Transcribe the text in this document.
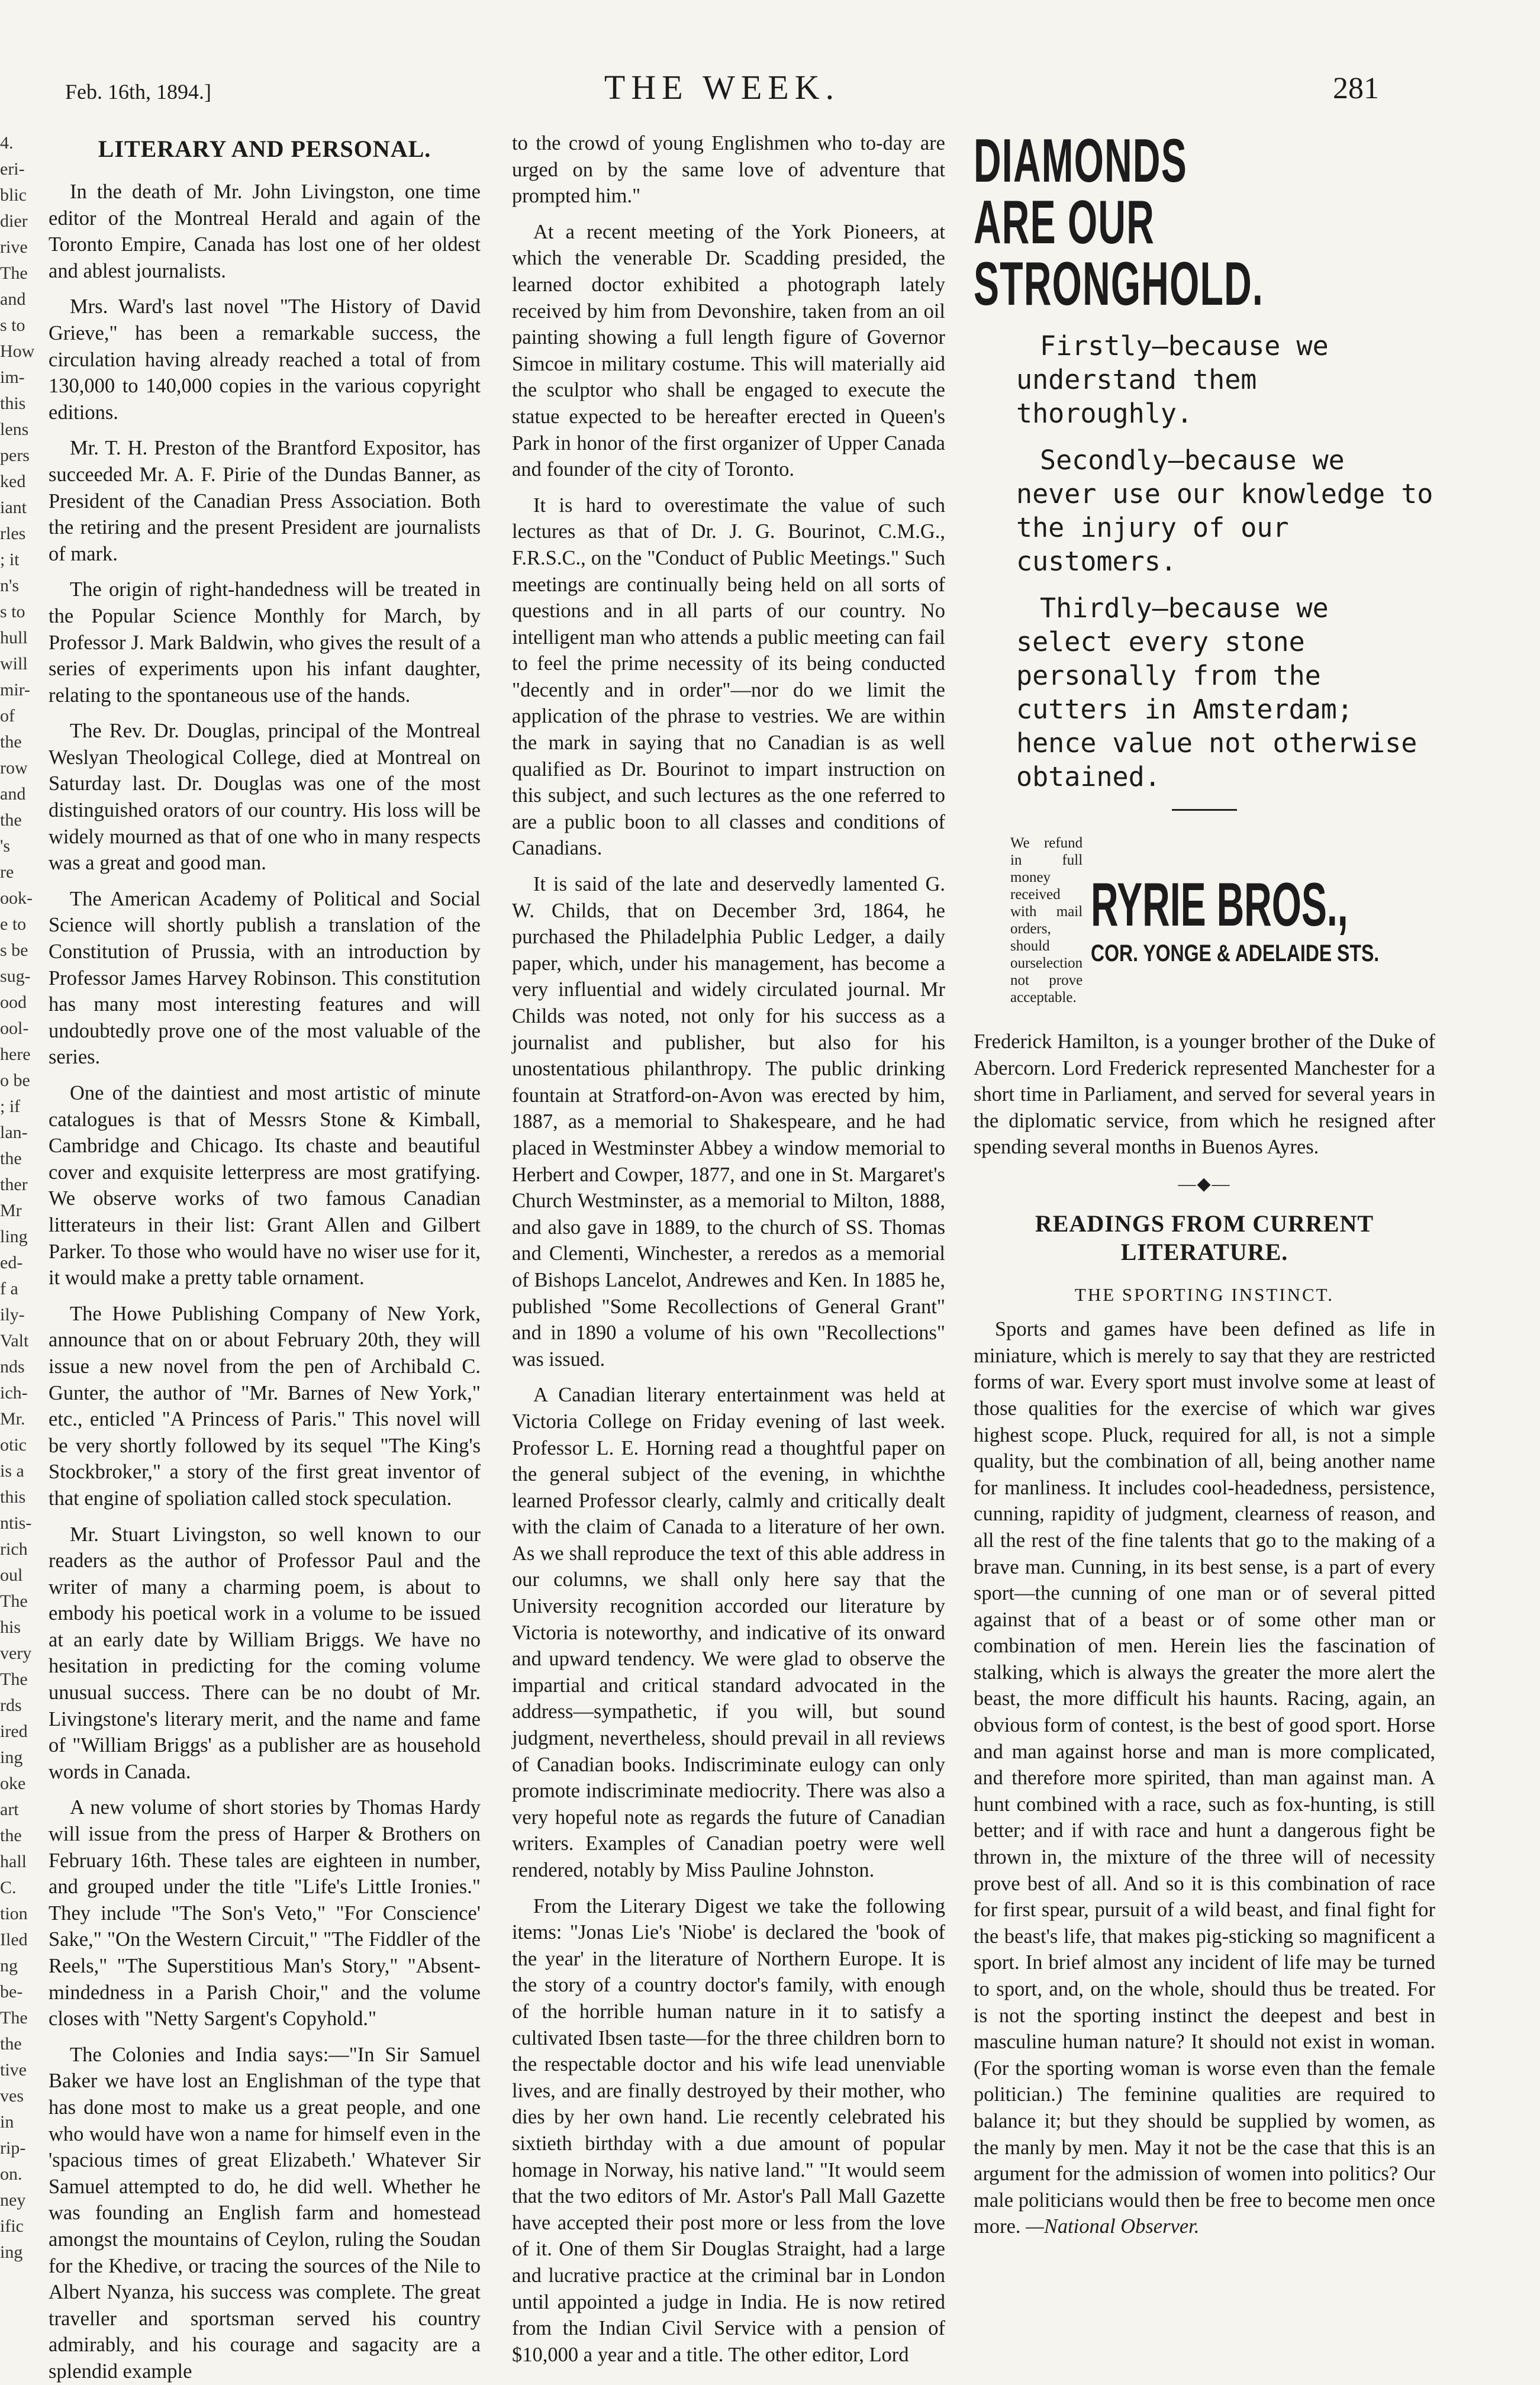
4.
eri-
blic
dier
rive
The
and
s to
How
im-
this
lens
pers
ked
iant
rles
; it
n's
s to
hull
will
mir-
of
the
row
and
the
's
re
ook-
e to
s be
sug-
ood
ool-
here
o be
; if
lan-
the
ther
Mr
ling
ed-
f a
ily-
Valt
nds
ich-
Mr.
otic
is a
this
ntis-
rich
oul
The
his
very
The
rds
ired
ing
oke
art
the
hall
C.
tion
Iled
ng
be-
The
the
tive
ves
in
rip-
on.
ney
ific
ing
Feb. 16th, 1894.]	THE WEEK.	281
LITERARY AND PERSONAL.

In the death of Mr. John Livingston, one time editor of the Montreal Herald and again of the Toronto Empire, Canada has lost one of her oldest and ablest journalists.

Mrs. Ward's last novel "The History of David Grieve," has been a remarkable success, the circulation having already reached a total of from 130,000 to 140,000 copies in the various copyright editions.

Mr. T. H. Preston of the Brantford Expositor, has succeeded Mr. A. F. Pirie of the Dundas Banner, as President of the Canadian Press Association. Both the retiring and the present President are journalists of mark.

The origin of right-handedness will be treated in the Popular Science Monthly for March, by Professor J. Mark Baldwin, who gives the result of a series of experiments upon his infant daughter, relating to the spontaneous use of the hands.

The Rev. Dr. Douglas, principal of the Montreal Weslyan Theological College, died at Montreal on Saturday last. Dr. Douglas was one of the most distinguished orators of our country. His loss will be widely mourned as that of one who in many respects was a great and good man.

The American Academy of Political and Social Science will shortly publish a translation of the Constitution of Prussia, with an introduction by Professor James Harvey Robinson. This constitution has many most interesting features and will undoubtedly prove one of the most valuable of the series.

One of the daintiest and most artistic of minute catalogues is that of Messrs Stone & Kimball, Cambridge and Chicago. Its chaste and beautiful cover and exquisite letterpress are most gratifying. We observe works of two famous Canadian litterateurs in their list: Grant Allen and Gilbert Parker. To those who would have no wiser use for it, it would make a pretty table ornament.

The Howe Publishing Company of New York, announce that on or about February 20th, they will issue a new novel from the pen of Archibald C. Gunter, the author of "Mr. Barnes of New York," etc., enticled "A Princess of Paris." This novel will be very shortly followed by its sequel "The King's Stockbroker," a story of the first great inventor of that engine of spoliation called stock speculation.

Mr. Stuart Livingston, so well known to our readers as the author of Professor Paul and the writer of many a charming poem, is about to embody his poetical work in a volume to be issued at an early date by William Briggs. We have no hesitation in predicting for the coming volume unusual success. There can be no doubt of Mr. Livingstone's literary merit, and the name and fame of "William Briggs' as a publisher are as household words in Canada.

A new volume of short stories by Thomas Hardy will issue from the press of Harper & Brothers on February 16th. These tales are eighteen in number, and grouped under the title "Life's Little Ironies." They include "The Son's Veto," "For Conscience' Sake," "On the Western Circuit," "The Fiddler of the Reels," "The Superstitious Man's Story," "Absent-mindedness in a Parish Choir," and the volume closes with "Netty Sargent's Copyhold."

The Colonies and India says:—"In Sir Samuel Baker we have lost an Englishman of the type that has done most to make us a great people, and one who would have won a name for himself even in the 'spacious times of great Elizabeth.' Whatever Sir Samuel attempted to do, he did well. Whether he was founding an English farm and homestead amongst the mountains of Ceylon, ruling the Soudan for the Khedive, or tracing the sources of the Nile to Albert Nyanza, his success was complete. The great traveller and sportsman served his country admirably, and his courage and sagacity are a splendid example

to the crowd of young Englishmen who to-day are urged on by the same love of adventure that prompted him."

At a recent meeting of the York Pioneers, at which the venerable Dr. Scadding presided, the learned doctor exhibited a photograph lately received by him from Devonshire, taken from an oil painting showing a full length figure of Governor Simcoe in military costume. This will materially aid the sculptor who shall be engaged to execute the statue expected to be hereafter erected in Queen's Park in honor of the first organizer of Upper Canada and founder of the city of Toronto.

It is hard to overestimate the value of such lectures as that of Dr. J. G. Bourinot, C.M.G., F.R.S.C., on the "Conduct of Public Meetings." Such meetings are continually being held on all sorts of questions and in all parts of our country. No intelligent man who attends a public meeting can fail to feel the prime necessity of its being conducted "decently and in order"—nor do we limit the application of the phrase to vestries. We are within the mark in saying that no Canadian is as well qualified as Dr. Bourinot to impart instruction on this subject, and such lectures as the one referred to are a public boon to all classes and conditions of Canadians.

It is said of the late and deservedly lamented G. W. Childs, that on December 3rd, 1864, he purchased the Philadelphia Public Ledger, a daily paper, which, under his management, has become a very influential and widely circulated journal. Mr Childs was noted, not only for his success as a journalist and publisher, but also for his unostentatious philanthropy. The public drinking fountain at Stratford-on-Avon was erected by him, 1887, as a memorial to Shakespeare, and he had placed in Westminster Abbey a window memorial to Herbert and Cowper, 1877, and one in St. Margaret's Church Westminster, as a memorial to Milton, 1888, and also gave in 1889, to the church of SS. Thomas and Clementi, Winchester, a reredos as a memorial of Bishops Lancelot, Andrewes and Ken. In 1885 he, published "Some Recollections of General Grant" and in 1890 a volume of his own "Recollections" was issued.

A Canadian literary entertainment was held at Victoria College on Friday evening of last week. Professor L. E. Horning read a thoughtful paper on the general subject of the evening, in whichthe learned Professor clearly, calmly and critically dealt with the claim of Canada to a literature of her own. As we shall reproduce the text of this able address in our columns, we shall only here say that the University recognition accorded our literature by Victoria is noteworthy, and indicative of its onward and upward tendency. We were glad to observe the impartial and critical standard advocated in the address—sympathetic, if you will, but sound judgment, nevertheless, should prevail in all reviews of Canadian books. Indiscriminate eulogy can only promote indiscriminate mediocrity. There was also a very hopeful note as regards the future of Canadian writers. Examples of Canadian poetry were well rendered, notably by Miss Pauline Johnston.

From the Literary Digest we take the following items: "Jonas Lie's 'Niobe' is declared the 'book of the year' in the literature of Northern Europe. It is the story of a country doctor's family, with enough of the horrible human nature in it to satisfy a cultivated Ibsen taste—for the three children born to the respectable doctor and his wife lead unenviable lives, and are finally destroyed by their mother, who dies by her own hand. Lie recently celebrated his sixtieth birthday with a due amount of popular homage in Norway, his native land." "It would seem that the two editors of Mr. Astor's Pall Mall Gazette have accepted their post more or less from the love of it. One of them Sir Douglas Straight, had a large and lucrative practice at the criminal bar in London until appointed a judge in India. He is now retired from the Indian Civil Service with a pension of $10,000 a year and a title. The other editor, Lord

DIAMONDS
ARE OUR
STRONGHOLD.

Firstly—because we understand them thoroughly.

Secondly—because we never use our knowledge to the injury of our customers.

Thirdly—because we select every stone personally from the cutters in Amsterdam; hence value not otherwise obtained.

We refund in full money received with mail orders, should ourselection not prove acceptable.
RYRIE BROS.,
COR. YONGE & ADELAIDE STS.

Frederick Hamilton, is a younger brother of the Duke of Abercorn. Lord Frederick represented Manchester for a short time in Parliament, and served for several years in the diplomatic service, from which he resigned after spending several months in Buenos Ayres.

—◆—
READINGS FROM CURRENT LITERATURE.
THE SPORTING INSTINCT.

Sports and games have been defined as life in miniature, which is merely to say that they are restricted forms of war. Every sport must involve some at least of those qualities for the exercise of which war gives highest scope. Pluck, required for all, is not a simple quality, but the combination of all, being another name for manliness. It includes cool-headedness, persistence, cunning, rapidity of judgment, clearness of reason, and all the rest of the fine talents that go to the making of a brave man. Cunning, in its best sense, is a part of every sport—the cunning of one man or of several pitted against that of a beast or of some other man or combination of men. Herein lies the fascination of stalking, which is always the greater the more alert the beast, the more difficult his haunts. Racing, again, an obvious form of contest, is the best of good sport. Horse and man against horse and man is more complicated, and therefore more spirited, than man against man. A hunt combined with a race, such as fox-hunting, is still better; and if with race and hunt a dangerous fight be thrown in, the mixture of the three will of necessity prove best of all. And so it is this combination of race for first spear, pursuit of a wild beast, and final fight for the beast's life, that makes pig-sticking so magnificent a sport. In brief almost any incident of life may be turned to sport, and, on the whole, should thus be treated. For is not the sporting instinct the deepest and best in masculine human nature? It should not exist in woman. (For the sporting woman is worse even than the female politician.) The feminine qualities are required to balance it; but they should be supplied by women, as the manly by men. May it not be the case that this is an argument for the admission of women into politics? Our male politicians would then be free to become men once more. —National Observer.
